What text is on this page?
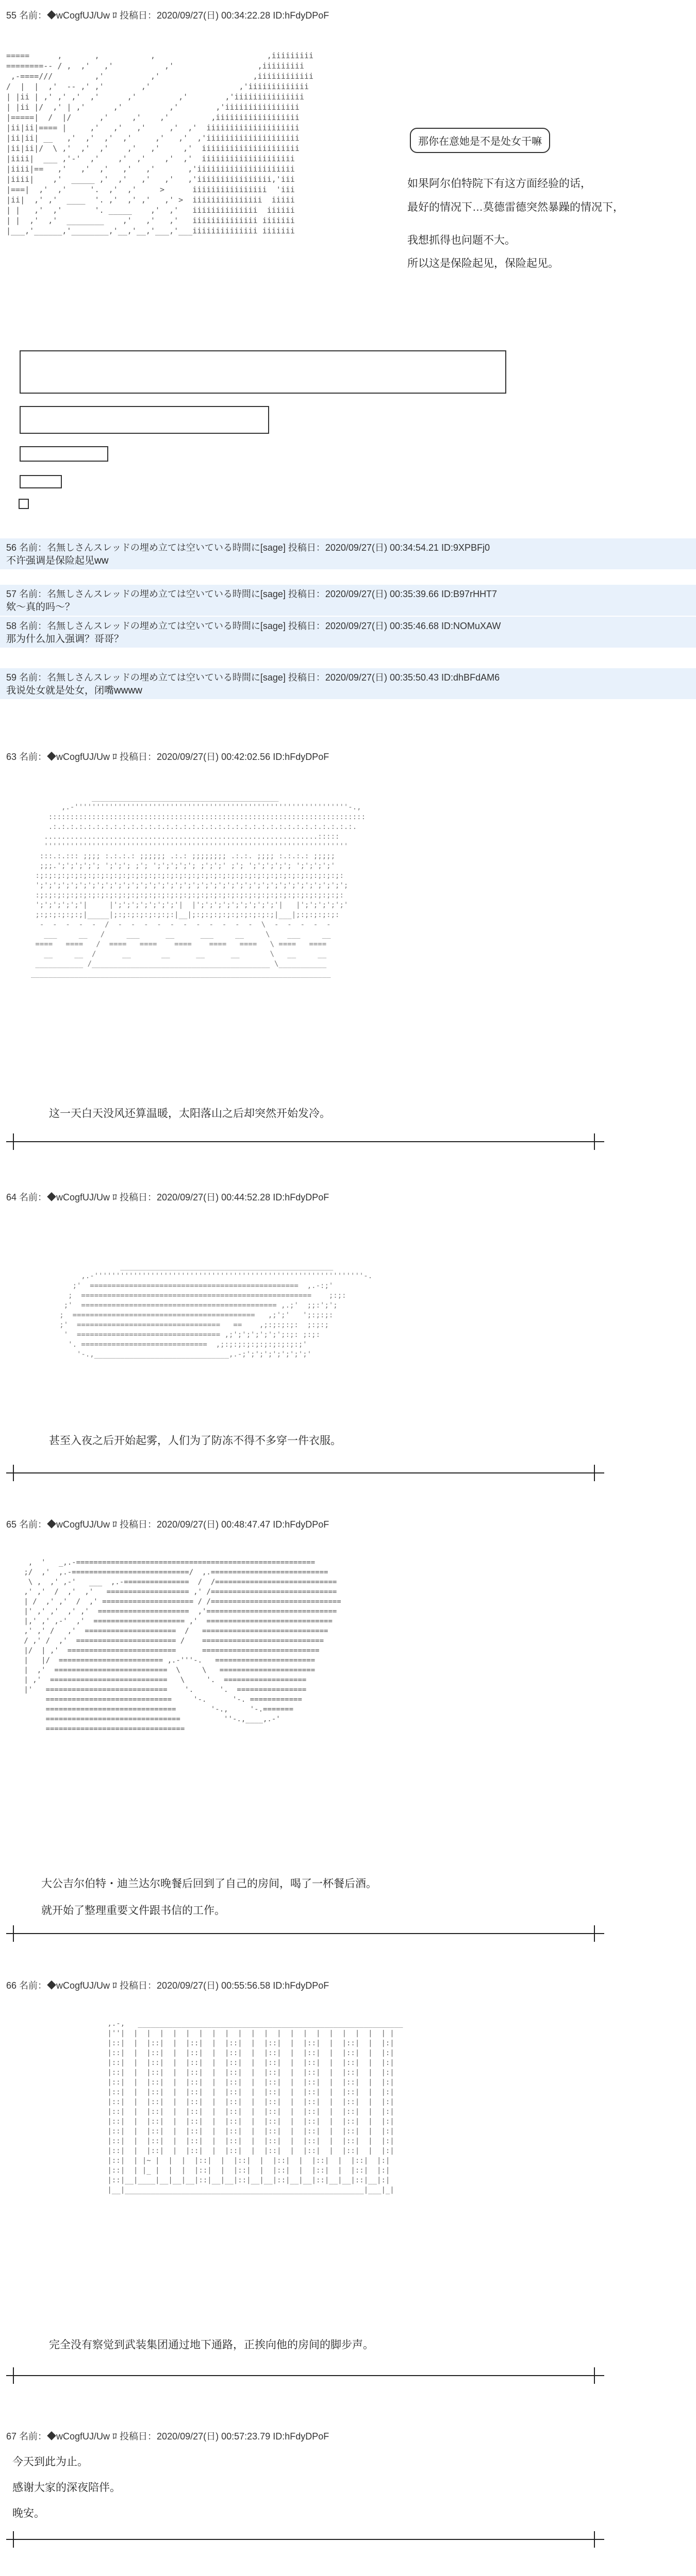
55 名前：◆wCogfUJ/Uw ﾛ 投稿日：2020/09/27(日) 00:34:22.28 ID:hFdyDPoF

=====      ,       ,           ,                        ,iiiiiiiii
========-- / ,  ,'   ,'           ,'                  ,iiiiiiiii
,-====///         ,'          ,'                    ,iiiiiiiiiiii
/  |  |  ,'  -- ,' ,'        ,'                   ,'iiiiiiiiiiiii
| |ii | ,' ,' ,'  ,'      ,'         ,'        ,'iiiiiiiiiiiiiii
| |ii |/  ,' | ,'      ,'          ,'        ,'iiiiiiiiiiiiiiii
|=====|  /  |/      ,'     ,'    ,'         ,iiiiiiiiiiiiiiiiii
|ii|ii|==== |     ,'   ,'   ,'     ,'  ,'  iiiiiiiiiiiiiiiiiiii
|ii|ii| __   ,'  ,'  ,'  ,'     ,'   ,'  ,'iiiiiiiiiiiiiiiiiiii
|ii|ii|/  \ ,'  ,'  ,'    ,'   ,'     ,'  iiiiiiiiiiiiiiiiiiiii
|iiii|  ___ ,'-'  ,'    ,'  ,'    ,'  ,'  iiiiiiiiiiiiiiiiiiii
|iiii|==   ,'   ,'  ,'   ,'   ,'       ,'iiiiiiiiiiiiiiiiiiiii
|iiii|    ,'  _____ ,'  ,'   ,'   ,'   ,'iiiiiiiiiiiiiiii,'iii
|===|  ,'  ,'     '.  ,'  ,'     >      iiiiiiiiiiiiiiii  'iii
|ii|  ,' ,'  ____  '. ,'  ,' ,'   ,' >  iiiiiiiiiiiiiii  iiiii
| |   ,'  ,'       '. _____    ,'  ,'   iiiiiiiiiiiiii  iiiiii
| |  ,'  ,'  ________    ,'   ,'   ,'   iiiiiiiiiiiiii iiiiiii
|___,'______,'________,'__,'__,'___,'___iiiiiiiiiiiiii iiiiiii

那你在意她是不是处女干嘛
如果阿尔伯特院下有这方面经验的话，
最好的情况下…莫德雷德突然暴躁的情况下，
我想抓得也问题不大。
所以这是保险起见，保险起见。
56 名前：名無しさんスレッドの埋め立ては空いている時間に[sage] 投稿日：2020/09/27(日) 00:34:54.21 ID:9XPBFj0
不许强调是保险起见ww
57 名前：名無しさんスレッドの埋め立ては空いている時間に[sage] 投稿日：2020/09/27(日) 00:35:39.66 ID:B97rHHT7
欸～真的吗～？
58 名前：名無しさんスレッドの埋め立ては空いている時間に[sage] 投稿日：2020/09/27(日) 00:35:46.68 ID:NOMuXAW
那为什么加入强调？哥哥？
59 名前：名無しさんスレッドの埋め立ては空いている時間に[sage] 投稿日：2020/09/27(日) 00:35:50.43 ID:dhBFdAM6
我说处女就是处女，闭嘴wwww
63 名前：◆wCogfUJ/Uw ﾛ 投稿日：2020/09/27(日) 00:42:02.56 ID:hFdyDPoF

___________________________________________
,.-'''''''''''''''''''''''''''''''''''''''''''''''''''''''''''''''-.,
:::::::::::::::::::::::::::::::::::::::::::::::::::::::::::::::::::::::::
.:.:.:.:.:.:.:.:.:.:.:.:.:.:.:.:.:.:.:.:.:.:.:.:.:.:.:.:.:.:.:.:.:.:.:.
...............................................................:::::
''''''''''''''''''''''''''''''''''''''''''''''''''''''''''''''''''''''
:::.:.::: ;;;; :.:.:.: ;;;;;; .:.: ;;;;;;;; .:.:. ;;;; :.:.:.: ;;;;;
;;;.';';';';'; ';';'; ;'; ';';';';'; ;';';' ;'; ';';';';'; ';';';';'
:;:;:;:;:;:;:;:;:;:;:;:;:;:;:;:;:;:;:;:;:;:;:;:;:;:;:;:;:;:;:;:;:;:;:;:
';';';';';';';';';';';';';';';';';';';';';';';';';';';';';';';';';';';';
:;:;:;:;:;:;:;:;:;:;:;:;:;:;:;:;:;:;:;:;:;:;:;:;:;:;:;:;:;:;:;:;:;:;:;:
';';';';';'|     |';';';';';';';'|  |';';';';';';';';';'|   |';';';';';'
;:;:;:;:;:;|_____|;:;:;:;:;:;:;:|__|;:;:;:;:;:;:;:;:;:;|___|;:;:;:;:;:
-  -  -  -  -  /  -  -  -  -  -  -  -  -  -  -  -  \  -  -  -  -  -
___     __   /     ___      __      ___     __     \    ___     __
====   ====   /  ====   ====    ====    ====   ====   \ ====   ====
__     __  /      __       __      __      __       \   __     __
___________ /_________________________________________ \___________
_____________________________________________________________________

这一天白天没风还算温暖，太阳落山之后却突然开始发冷。
64 名前：◆wCogfUJ/Uw ﾛ 投稿日：2020/09/27(日) 00:44:52.28 ID:hFdyDPoF

_________________________________________________
,.-''''''''''''''''''''''''''''''''''''''''''''''''''''''''''''''-.
;'  ================================================  ,.-:;'
;  =====================================================    ;:;:
;'  ============================================= ,.;'  ;;:';';
;  ==========================================   ,;';'   ';:;:;:
;'  =================================   ==    ,;:;:;:;:  ;:;:;
'  ================================= ,;';';';';';';:;: ;:;:
'. =============================  ,;:;:;:;:;:;:;:;:;:;'
'-.,_______________________________,.-;';';';';';';';'

甚至入夜之后开始起雾，人们为了防冻不得不多穿一件衣服。
65 名前：◆wCogfUJ/Uw ﾛ 投稿日：2020/09/27(日) 00:48:47.47 ID:hFdyDPoF

,  '   _,.-=======================================================
;/  ,'  ,.-===========================/  ,.===========================
\ ,  ,' ,-'   ___  ,.-===============  /  /============================
,' ,'  /  ,'  ,'   =================== ,' /=============================
| /  ,' ,'  /  ,' ===================== / /==============================
|' ,' ,'  ,' ,'  =====================  ,'==============================
|,' ,' ,-'  ,'  ===================== ,'  =============================
,' ,' /   ,'  =====================  /   =============================
/ ,' /  ,'  ======================= /    ============================
|/  | ,'  =========================      ===========================
|   |/  ======================== ,.-'''-.   =======================
|  ,'  ==========================  \     \   ======================
| ,'  ===========================   \     '.  ===================
|'   ============================    '.      '.  ================
=============================     '-.      '-. ============
==============================        '-.,     '-.=======
===============================          ''-.,____,.-'
================================

大公吉尔伯特・迪兰达尔晚餐后回到了自己的房间，喝了一杯餐后酒。
就开始了整理重要文件跟书信的工作。
66 名前：◆wCogfUJ/Uw ﾛ 投稿日：2020/09/27(日) 00:55:56.58 ID:hFdyDPoF

,.-,   _____________________________________________________________
|''|  |  |  |  |  |  |  |  |  |  |  |  |  |  |  |  |  |  |  |  | |
|::|  |  |::|  |  |::|  |  |::|  |  |::|  |  |::|  |  |::|  |  |:|
|::|  |  |::|  |  |::|  |  |::|  |  |::|  |  |::|  |  |::|  |  |:|
|::|  |  |::|  |  |::|  |  |::|  |  |::|  |  |::|  |  |::|  |  |:|
|::|  |  |::|  |  |::|  |  |::|  |  |::|  |  |::|  |  |::|  |  |:|
|::|  |  |::|  |  |::|  |  |::|  |  |::|  |  |::|  |  |::|  |  |:|
|::|  |  |::|  |  |::|  |  |::|  |  |::|  |  |::|  |  |::|  |  |:|
|::|  |  |::|  |  |::|  |  |::|  |  |::|  |  |::|  |  |::|  |  |:|
|::|  |  |::|  |  |::|  |  |::|  |  |::|  |  |::|  |  |::|  |  |:|
|::|  |  |::|  |  |::|  |  |::|  |  |::|  |  |::|  |  |::|  |  |:|
|::|  |  |::|  |  |::|  |  |::|  |  |::|  |  |::|  |  |::|  |  |:|
|::|  |  |::|  |  |::|  |  |::|  |  |::|  |  |::|  |  |::|  |  |:|
|::|  |  |::|  |  |::|  |  |::|  |  |::|  |  |::|  |  |::|  |  |:|
|::|  | |~ |  |  |  |::|  |  |::|  |  |::|  |  |::|  |  |::|  |:|
|::|  | |_ |  |  |  |::|  |  |::|  |  |::|  |  |::|  |  |::|  |:|
|::|__|____|__|__|__|::|__|__|::|__|__|::|__|__|::|__|__|::|__|:|
|__|_______________________________________________________|___|_|

完全没有察觉到武装集团通过地下通路，正挨向他的房间的脚步声。
67 名前：◆wCogfUJ/Uw ﾛ 投稿日：2020/09/27(日) 00:57:23.79 ID:hFdyDPoF
今天到此为止。
感谢大家的深夜陪伴。
晚安。
